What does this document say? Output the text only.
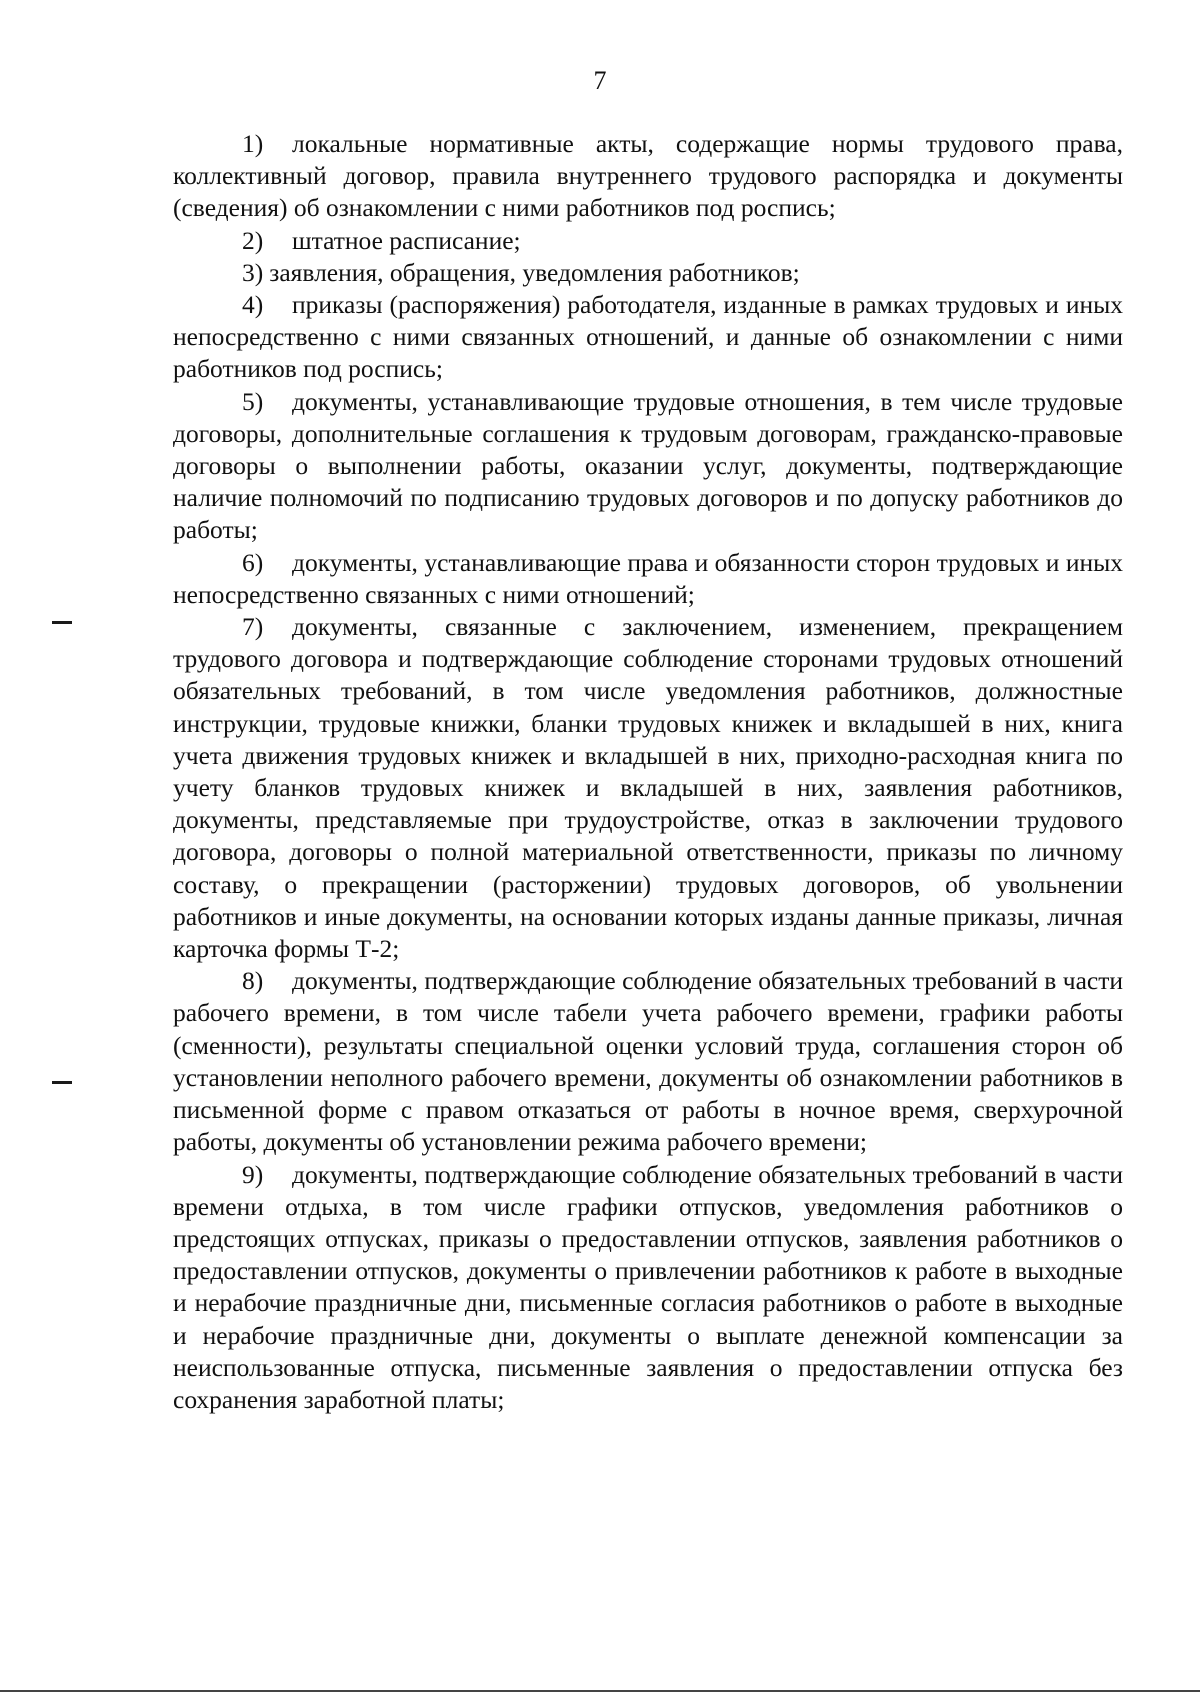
7

1) локальные нормативные акты, содержащие нормы трудового права, коллективный договор, правила внутреннего трудового распорядка и документы (сведения) об ознакомлении с ними работников под роспись;

2) штатное расписание;

3) заявления, обращения, уведомления работников;

4) приказы (распоряжения) работодателя, изданные в рамках трудовых и иных непосредственно с ними связанных отношений, и данные об ознакомлении с ними работников под роспись;

5) документы, устанавливающие трудовые отношения, в тем числе трудовые договоры, дополнительные соглашения к трудовым договорам, гражданско-правовые договоры о выполнении работы, оказании услуг, документы, подтверждающие наличие полномочий по подписанию трудовых договоров и по допуску работников до работы;

6) документы, устанавливающие права и обязанности сторон трудовых и иных непосредственно связанных с ними отношений;

7) документы, связанные с заключением, изменением, прекращением трудового договора и подтверждающие соблюдение сторонами трудовых отношений обязательных требований, в том числе уведомления работников, должностные инструкции, трудовые книжки, бланки трудовых книжек и вкладышей в них, книга учета движения трудовых книжек и вкладышей в них, приходно-расходная книга по учету бланков трудовых книжек и вкладышей в них, заявления работников, документы, представляемые при трудоустройстве, отказ в заключении трудового договора, договоры о полной материальной ответственности, приказы по личному составу, о прекращении (расторжении) трудовых договоров, об увольнении работников и иные документы, на основании которых изданы данные приказы, личная карточка формы Т-2;

8) документы, подтверждающие соблюдение обязательных требований в части рабочего времени, в том числе табели учета рабочего времени, графики работы (сменности), результаты специальной оценки условий труда, соглашения сторон об установлении неполного рабочего времени, документы об ознакомлении работников в письменной форме с правом отказаться от работы в ночное время, сверхурочной работы, документы об установлении режима рабочего времени;

9) документы, подтверждающие соблюдение обязательных требований в части времени отдыха, в том числе графики отпусков, уведомления работников о предстоящих отпусках, приказы о предоставлении отпусков, заявления работников о предоставлении отпусков, документы о привлечении работников к работе в выходные и нерабочие праздничные дни, письменные согласия работников о работе в выходные и нерабочие праздничные дни, документы о выплате денежной компенсации за неиспользованные отпуска, письменные заявления о предоставлении отпуска без сохранения заработной платы;
